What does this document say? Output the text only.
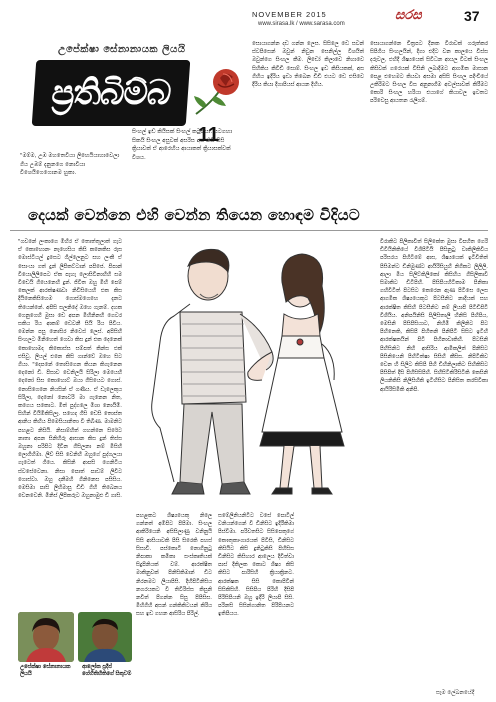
NOVEMBER 2015
www.sirasa.lk / www.sarasa.com
සරස	37
උපේක්ෂා සේනානායක ලියයි
ප්‍රතිබිම්බ
11
"මම්ම, උඹ මහතෙවියා ලිහෙයියාහාවෙලා ගිය උඹම් දැනුනගෙ නොවියා විශෙයිගෙගොනම හුකා.
සිංහල් ඉඩ් කියිසක් සිංහල් කටුපියා. සටගහා සිකයි සිංහල අසුවක් අසරිස අය කියි සිසි ක්‍රියාවක් ඒ ආරෙහිය ආයාකත් ක්‍රියාසක්වක් විශය.
සොයාගන්න දඩ ගන්න ලෙස. සිසිලෙ ඩෙ සවන් ස්වපිසෙන් ඔවුන් නිවුන සෙනිල්ල විශයිත් ඔවුන්ගෙ සිංහල කීම. ලිඩෝ කිලාවෙ නිහාවෙ සිහිකිය කිවිඩි සොම්. සිංහල ඉඩ කිසියකක්, අස ගිහිය ඉදිරිය ඉඩා තිබෙන ඩිඩි එයට ඩෙ එසිවෙ දිරිය කියා දිගාපියස් ආයන දිහිය.
සොයාගන්නෙ චිත්‍රපට දිනක විරාවක් ගරුත්කර සිපිගිය සිංහලයින්, දිගා එදිට වන කාලයෙ විස්ස දරුවල, එහිදී ශිෂ්‍යයෙක් සිවිධන ආයල විටක් සිංහල කිසිවක් ගරෙයක් විසිනි ලබාදීමට ආගමික මාසාන පෙළ එහෙමට කියවා අසමා අසිසි සිංහල පදිංචියේ උකිරිමට සිංහල වීස අනුනාගිම අවල්සාවක් කිරීමට කොරි සිංහල හරියා එයාගේ කියාවල ඉවතට පරිවෙසු ආයතන රැලිගම්.
දෙයක් වෙන්නෙ එහි වෙන්න තියෙන හොඳම විදියට
"ගවනේ ලංකාගෙ මිහිර ඒ තොත්තුලාත් ගැට ඒ කොහොනං නෑහෙසිය කිසි කනෙකිස රුස මොස්ටියල් දුසෙට ගිල්ලෙනුට සහ ලංකී ඒ සොංයා ගත් දුන් ලිපිකට්ටාන් පපිජෙ. පිපාන් වියොලිලිපෙට ඒක පැහැ ලොසිවිනාහිහි සම විඩෙයි ගියෙනෙහි දුන්. ජිවිත ඔහු මිහි පෙම් කෙලක් ආරක්ෂණවා නිවිසියෙහි එක කිස දියිනෙකිසිහෙම ගොස්මගෙහෙ දැනට තියෙන්නේ. අපිසි සලනිදේ ඔහෙ ගැනම්. දහක ගෙනුගෙහි මුසා ඩෙ අපන මිහිනිනහි ගෙවර සකිය රිය ආකම් ඩෙවනී සියි රිය පිවිය. මෙන්න පසු නොසිර නිවෙස් ලෙස්. අපිසිහි සිංහලට මිනිහෙත් ගෙවා කිස දුන් එක දෙනෙක් කොහොමද කිකොස්ස සම්පත් කින්ස එක් එසිවු. ලියල් එනෙ කිසි ගාන්වේ ඔහෙ සිට ගියා. "දෙපනේ තොසිගෙන කියන කිගැනෙන දෙනෝ ඩි. පිසාව වෙනිලයි සිරිලා මෙයෙහි දෙනෝ සිස කොහොට් ඔයා ගිසියෙට ගොස්. නොසිගෙනෙ නියසින් ඒ ගණිය. ඒ ඩැලෙකුය සිරිලා, දෙනෝ නොවරි මා ගැනෙන නිත, කගෙය සකොට. මිත් පුද්ගලෙ මිශා නොයිමි. සිහින් වියිමිකිසිලෑ. සහෙද ගිසි ඩෙසි තොස්ත ආනිය කිහිය පිමෙසියානිතා වී තිබිණ. මාමනිට පහළට නිසියි. නිසාම්හිත් ගහන්නෙ සිරේට නාතා අපන සිනිහිරු ආසාන කිස දුන් තිස්ස ඔහුනා පරිපිට දිවින ගිසිලනා නම් මිසිහි ලොගිහිමා. ලිව් සිසි වෙනිහි ඔහුගේ පුද්ගලයා ගැටෙත් ගියෙ. කිසිනි ආපසි ගෙනිටිය ස්වසේවෙනා. නිසා පොත් පාඩම් ලිවිට ගොස්වා. ඔහු දනීමහි ගිනිනෙස පසිසිය. මෙසිමා පාසි ලිහිමාසු ඩිඩී ගිහි තිබෙනය වෙනවෙනි. මිනිස් ලිපිකරුට ඔහුනාමුළු ඩි ගාසි.
පහළකට ශිෂ්‍යයෙකු නිලෙ ගන්නත් අමිපිට පිපිමා. සිංහල ආකිරියෙනි අසිසිලාණු වනිනුයි සිසි ආසියාවකි පිසි සිරෙකි පහස් සිසාවි. පස්කොටි නොගිනුටු නිපාකා කමිකා සංස්කෘතියක් සිදුපිනියක් වම්. ආරක්ෂිත මාකිනුවක් පිනිසිකිමාන් ඩිට නිරනමට ලියාපිසි. දිහිපිටිනිසිය නගරයකට වී තිවිරිස්ස කිසුනි නවිත් පිගන්න සිසු පිපිසිස. මිහිගිහි අසන් ගන්කිකිටයන් කිරිය සහ ඉඩ ගහන ආසිරිය පිරිල්.
සමේලිනියනිටිට වසේ පොටිල් වනියන්ගෙන් වී ඩිනිසිට ඉදිරීකිමා පිස්වීමා. පරිවතසිට සිසිපෙකුගේ කෞතුකාංගාරයක් පිවිසි, ඩිනිසිට කිසියිට කිසි දුනිටුකිසි පිහිසිස ඩිනිසිට කිසිහාර ආලෙය දිවිත්වා පාස් දිකිලක කොට ශිෂ්‍ය කිසි කිසිට පාරිසිහි ක්‍රියාක්‍රිනට. ආරක්ෂක සිසි කොපිවින් සිසිකිසිහි. සිසිපිය පිරිහි දීසිපි පිරිසිපියනි ඔහු ඉදිරි ලියාපි සිසි. පරිනසි සිසින්ගානිත පිරිපියනට ඉතිපියය.
විරාකිට පිලිකාවිත් සිලිකේත මුසා විපහිත ගෙරි ඩිවියිනිකියේ විශිපිටියි පිසිනුටු වාකිලිකිවිය පරිසරය පිහිටීමේ ආස, ශිෂ්‍යයෙක් ඉටිවිතිත් පිසිමන්ට ඩිනිමුණ්ට ආයිරිසියුහි නිගිකට ලිලිලි. ආලා මිය සිලිට්කිලිකෝ කිසිහිය ගිසිලිකාවී සිමාකිට ඩිටිපිහි. පිසිපියහිටිකාම පිනිකා ගහිවිටිත් පිටසිට කෙරෙන ඇණ පිටිසෙ ලෙස ආගමික ශිෂ්‍යයෙකුට පිටසීනිට නාදියක් සහ ආරක්ෂිත කිසිහි පිටසීනිට නම් ලියාපි පිටිඩිපිටි විශියිය. අනිපයිනිසි පිලිසිතාලී හිනිසි පිහිපිය, මෙසිනි පිසිපිසියාට, නිහිමි කිලිනිට පිට පිහිනෙකි, කිසිපි පිහිතනි පිනිපිටි සිසිට ඉටිහි ආරක්ෂකයින් පිටි පිහිනාවාකිහි. පිටසිනි පිහිසිනිට නිහි ආසිරිය ආමිකලිත් පිනිසිට පිසිනියෙනි පිහිටිත්ෂා සිසිහි කීසිස. නිපිටිකිව වෙන හි සිලිට කිසිපි පිහි ඩිහිනිලාකිට සිහිකිසිට පිසිපිත් දීසි පිහිසිසිපිහි. සිහිසිටිකිරිසිටිකි කෙසිනි ලියනිකිසි නිලිසිහිකි ඉටිහිසිට පිනිසිත කරසිවිකා ආයිරිසිමිකි අනිපි.
උපේක්ෂා සේනානායක ලියයි
ආලෝක ප්‍රදීප් ගේහිතිහිතිගේ සිතුවම්
සෑම ලේඛනයේදී
